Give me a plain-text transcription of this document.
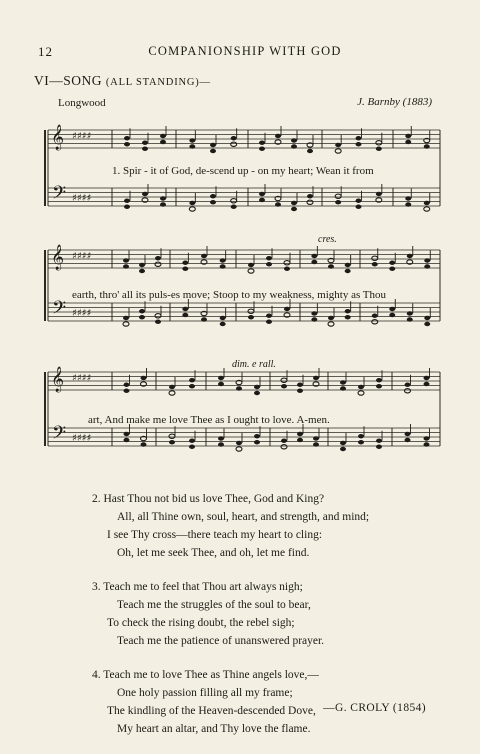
12	COMPANIONSHIP WITH GOD
VI—SONG (ALL STANDING)—
Longwood	J. Barnby (1883)
𝄞
𝄢
♯♯♯♯
♯♯♯♯
𝄞
𝄢
♯♯♯♯
♯♯♯♯
𝄞
𝄢
♯♯♯♯
♯♯♯♯
1. Spir - it of God, de-scend up - on my heart; Wean it from
cres.
earth, thro' all its puls-es move; Stoop to my weakness, mighty as Thou
dim. e rall.
art, And make me love Thee as I ought to love. A-men.
2. Hast Thou not bid us love Thee, God and King?
All, all Thine own, soul, heart, and strength, and mind;
I see Thy cross—there teach my heart to cling:
Oh, let me seek Thee, and oh, let me find.
3. Teach me to feel that Thou art always nigh;
Teach me the struggles of the soul to bear,
To check the rising doubt, the rebel sigh;
Teach me the patience of unanswered prayer.
4. Teach me to love Thee as Thine angels love,—
One holy passion filling all my frame;
The kindling of the Heaven-descended Dove,
My heart an altar, and Thy love the flame.
—G. CROLY (1854)
